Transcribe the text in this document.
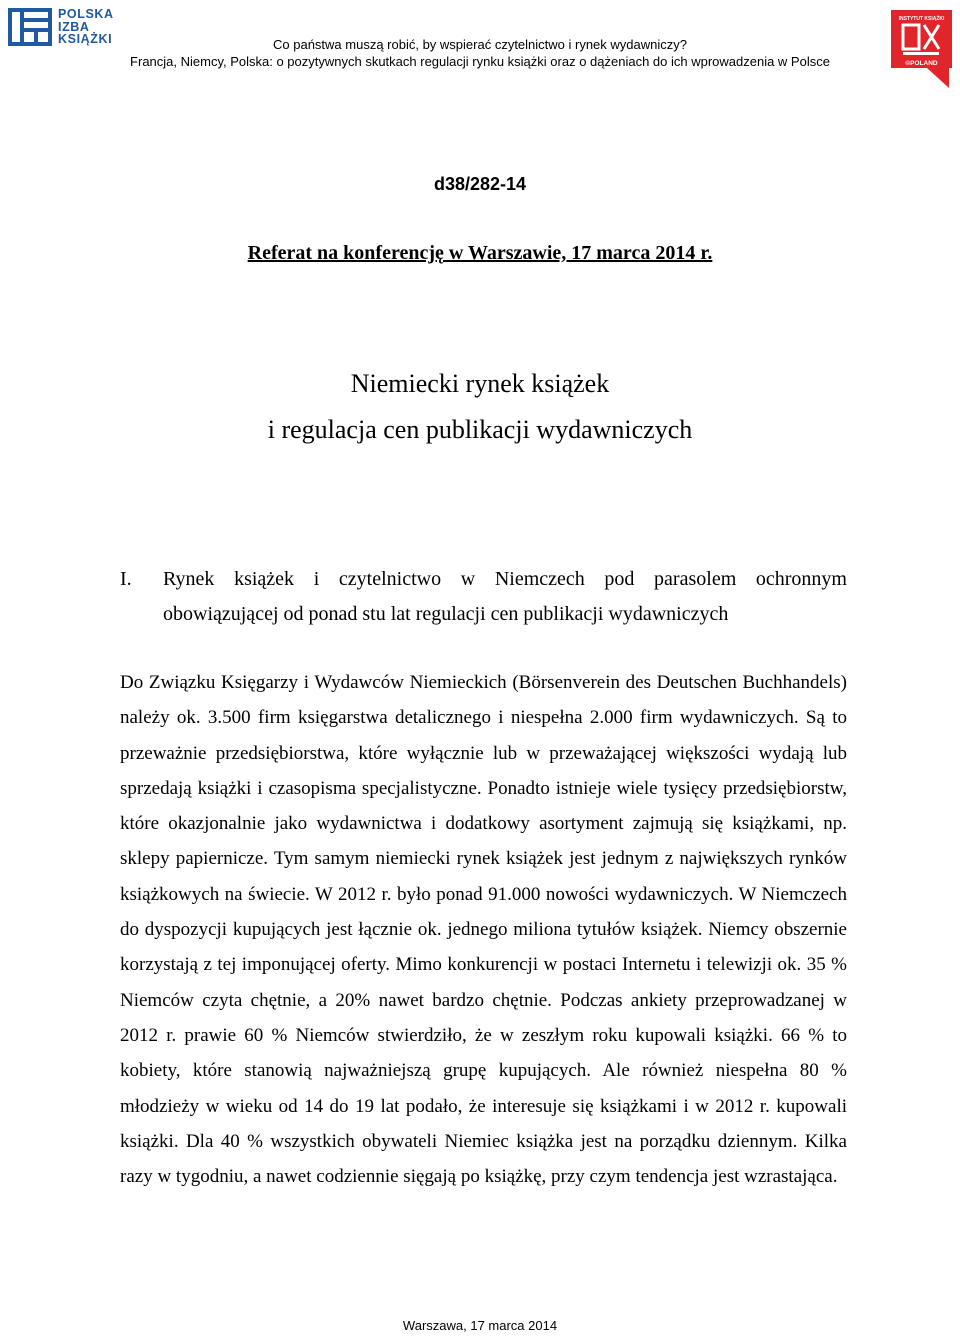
POLSKA
IZBA
KSIĄŻKI	Co państwa muszą robić, by wspierać czytelnictwo i rynek wydawniczy?
Francja, Niemcy, Polska: o pozytywnych skutkach regulacji rynku książki oraz o dążeniach do ich wprowadzenia w Polsce
INSTYTUT KSIĄŻKI
©POLAND
d38/282-14
Referat na konferencję w Warszawie, 17 marca 2014 r.
Niemiecki rynek książek
i regulacja cen publikacji wydawniczych
I. Rynek książek i czytelnictwo w Niemczech pod parasolem ochronnym obowiązującej od ponad stu lat regulacji cen publikacji wydawniczych
Do Związku Księgarzy i Wydawców Niemieckich (Börsenverein des Deutschen Buchhandels) należy ok. 3.500 firm księgarstwa detalicznego i niespełna 2.000 firm wydawniczych. Są to przeważnie przedsiębiorstwa, które wyłącznie lub w przeważającej większości wydają lub sprzedają książki i czasopisma specjalistyczne. Ponadto istnieje wiele tysięcy przedsiębiorstw, które okazjonalnie jako wydawnictwa i dodatkowy asortyment zajmują się książkami, np. sklepy papiernicze. Tym samym niemiecki rynek książek jest jednym z największych rynków książkowych na świecie. W 2012 r. było ponad 91.000 nowości wydawniczych. W Niemczech do dyspozycji kupujących jest łącznie ok. jednego miliona tytułów książek. Niemcy obszernie korzystają z tej imponującej oferty. Mimo konkurencji w postaci Internetu i telewizji ok. 35 % Niemców czyta chętnie, a 20% nawet bardzo chętnie. Podczas ankiety przeprowadzanej w 2012 r. prawie 60 % Niemców stwierdziło, że w zeszłym roku kupowali książki. 66 % to kobiety, które stanowią najważniejszą grupę kupujących. Ale również niespełna 80 % młodzieży w wieku od 14 do 19 lat podało, że interesuje się książkami i w 2012 r. kupowali książki. Dla 40 % wszystkich obywateli Niemiec książka jest na porządku dziennym. Kilka razy w tygodniu, a nawet codziennie sięgają po książkę, przy czym tendencja jest wzrastająca.
Warszawa, 17 marca 2014
